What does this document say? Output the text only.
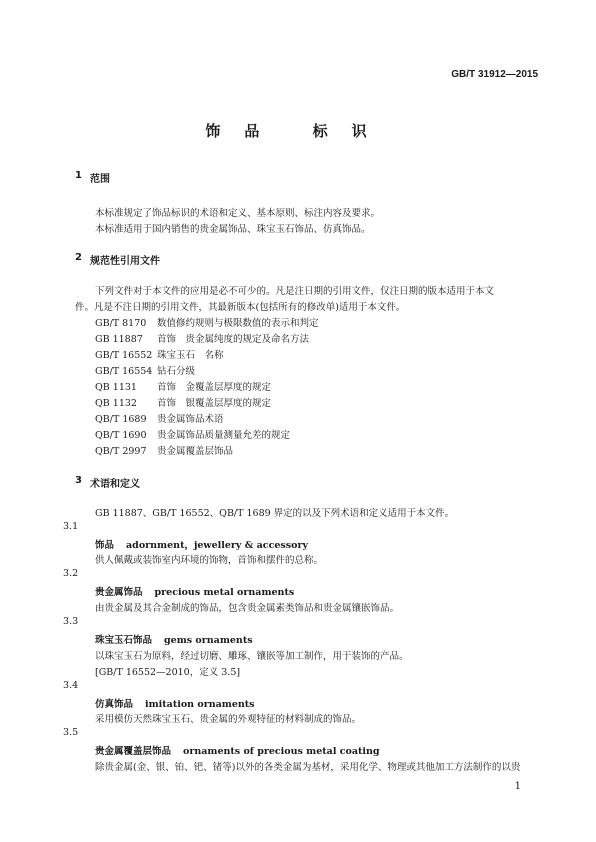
GB/T 31912—2015
饰品 标识
1 范围
本标准规定了饰品标识的术语和定义、基本原则、标注内容及要求。
本标准适用于国内销售的贵金属饰品、珠宝玉石饰品、仿真饰品。
2 规范性引用文件
下列文件对于本文件的应用是必不可少的。凡是注日期的引用文件，仅注日期的版本适用于本文
件。凡是不注日期的引用文件，其最新版本(包括所有的修改单)适用于本文件。
GB/T 8170 数值修约规则与极限数值的表示和判定
GB 11887 首饰　贵金属纯度的规定及命名方法
GB/T 16552 珠宝玉石　名称
GB/T 16554 钻石分级
QB 1131 首饰　金覆盖层厚度的规定
QB 1132 首饰　银覆盖层厚度的规定
QB/T 1689 贵金属饰品术语
QB/T 1690 贵金属饰品质量测量允差的规定
QB/T 2997 贵金属覆盖层饰品
3 术语和定义
GB 11887、GB/T 16552、QB/T 1689 界定的以及下列术语和定义适用于本文件。
3.1
饰品 adornment，jewellery & accessory
供人佩戴或装饰室内环境的饰物，首饰和摆件的总称。
3.2
贵金属饰品 precious metal ornaments
由贵金属及其合金制成的饰品，包含贵金属素类饰品和贵金属镶嵌饰品。
3.3
珠宝玉石饰品 gems ornaments
以珠宝玉石为原料，经过切磨、雕琢、镶嵌等加工制作，用于装饰的产品。
[GB/T 16552—2010，定义 3.5]
3.4
仿真饰品 imitation ornaments
采用模仿天然珠宝玉石、贵金属的外观特征的材料制成的饰品。
3.5
贵金属覆盖层饰品 ornaments of precious metal coating
除贵金属(金、银、铂、钯、锗等)以外的各类金属为基材，采用化学、物理或其他加工方法制作的以贵
1
